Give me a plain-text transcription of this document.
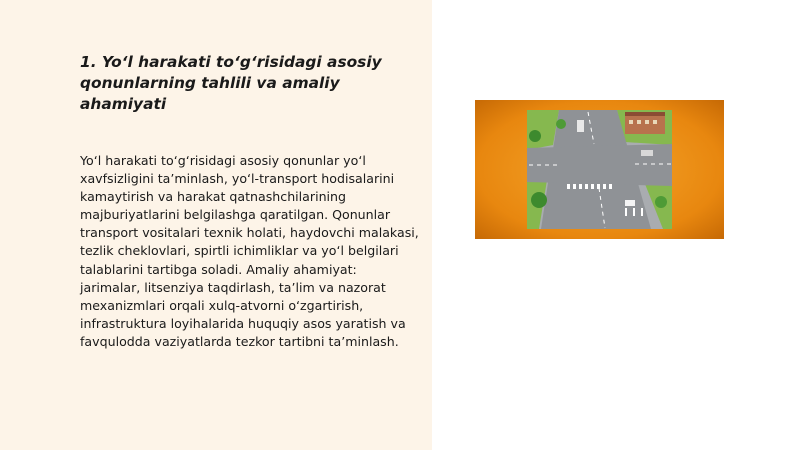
1. Yo‘l harakati to‘g‘risidagi asosiy qonunlarning tahlili va amaliy ahamiyati

Yo‘l harakati to‘g‘risidagi asosiy qonunlar yo‘l xavfsizligini ta’minlash, yo‘l-transport hodisalarini kamaytirish va harakat qatnashchilarining majburiyatlarini belgilashga qaratilgan. Qonunlar transport vositalari texnik holati, haydovchi malakasi, tezlik cheklovlari, spirtli ichimliklar va yo‘l belgilari talablarini tartibga soladi. Amaliy ahamiyat: jarimalar, litsenziya taqdirlash, ta’lim va nazorat mexanizmlari orqali xulq-atvorni o‘zgartirish, infrastruktura loyihalarida huquqiy asos yaratish va favqulodda vaziyatlarda tezkor tartibni ta’minlash.
